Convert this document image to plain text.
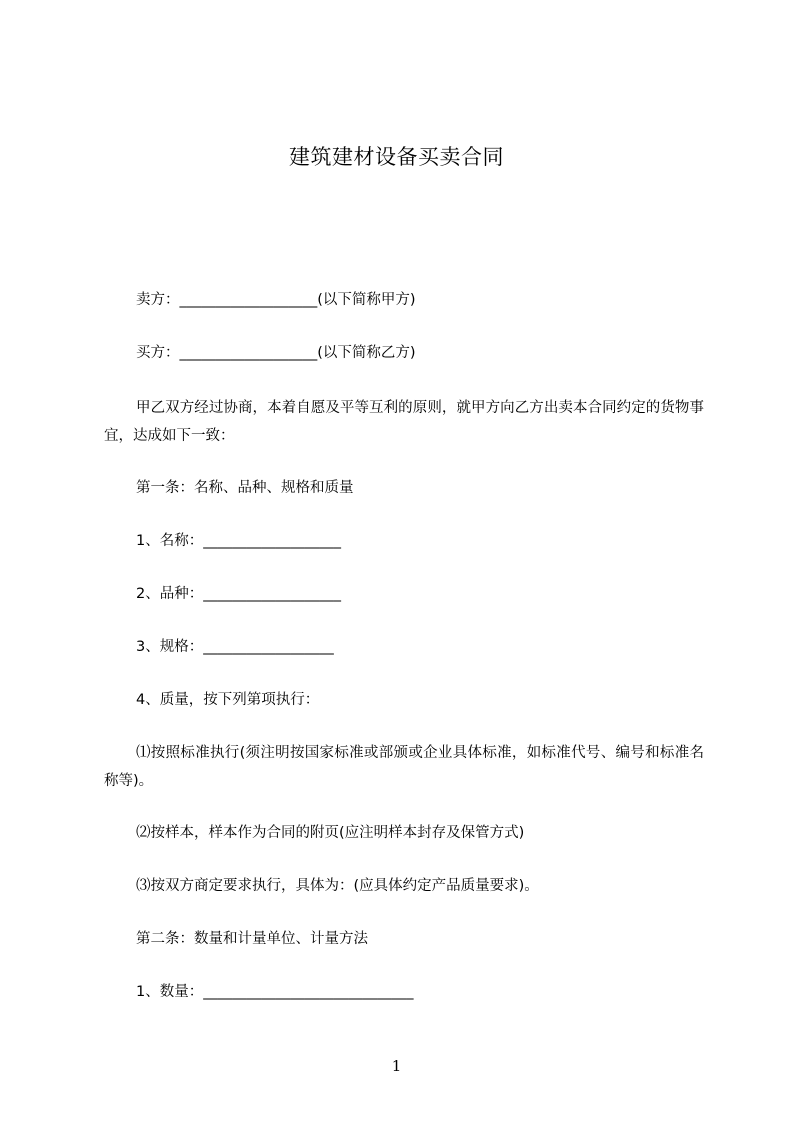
建筑建材设备买卖合同
卖方：___________________(以下简称甲方)
买方：___________________(以下简称乙方)
甲乙双方经过协商，本着自愿及平等互利的原则，就甲方向乙方出卖本合同约定的货物事宜，达成如下一致：
第一条：名称、品种、规格和质量
1、名称：___________________
2、品种：___________________
3、规格：__________________
4、质量，按下列第项执行：
⑴按照标准执行(须注明按国家标准或部颁或企业具体标准，如标准代号、编号和标准名称等)。
⑵按样本，样本作为合同的附页(应注明样本封存及保管方式)
⑶按双方商定要求执行，具体为：(应具体约定产品质量要求)。
第二条：数量和计量单位、计量方法
1、数量：_____________________________
1
